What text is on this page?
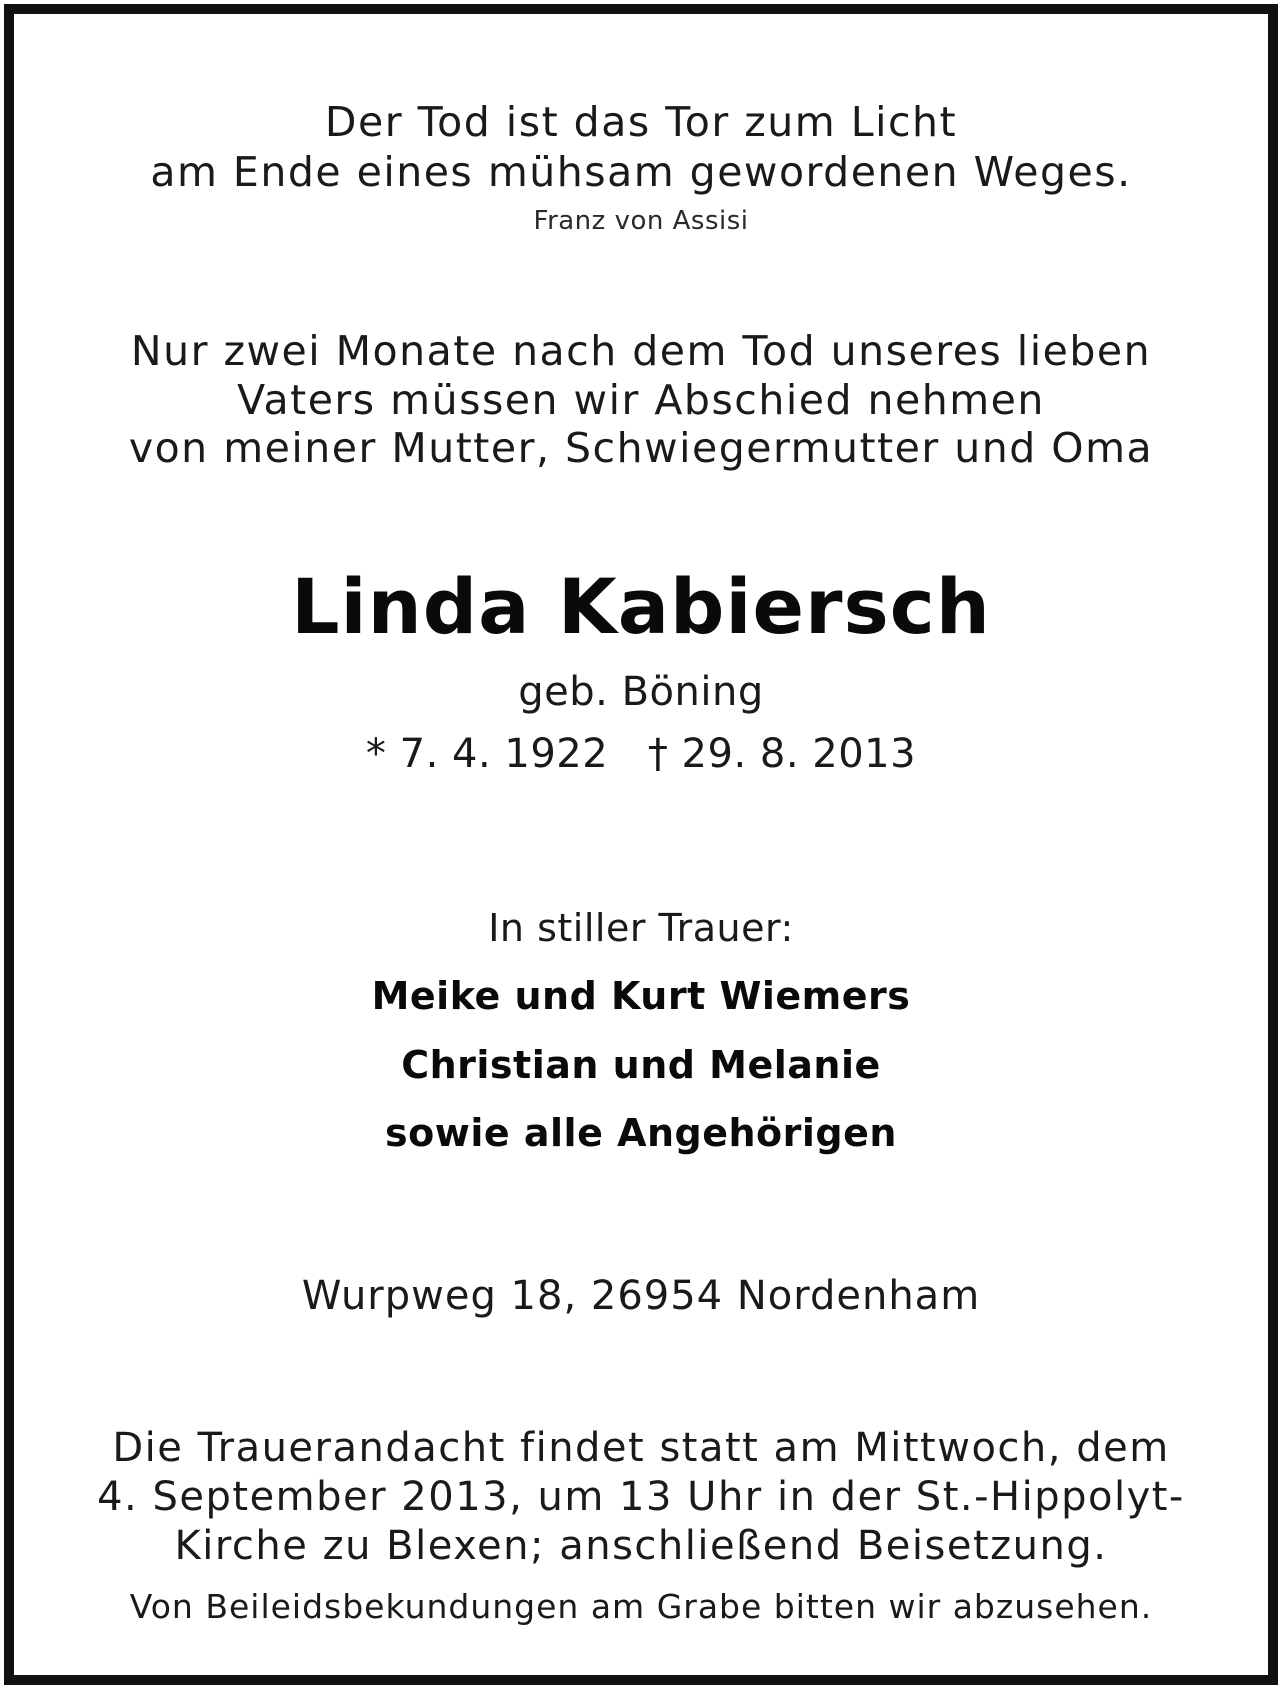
Der Tod ist das Tor zum Licht
am Ende eines mühsam gewordenen Weges.
Franz von Assisi
Nur zwei Monate nach dem Tod unseres lieben
Vaters müssen wir Abschied nehmen
von meiner Mutter, Schwiegermutter und Oma
Linda Kabiersch
geb. Böning
* 7. 4. 1922   † 29. 8. 2013
In stiller Trauer:
Meike und Kurt Wiemers
Christian und Melanie
sowie alle Angehörigen
Wurpweg 18, 26954 Nordenham
Die Trauerandacht findet statt am Mittwoch, dem
4. September 2013, um 13 Uhr in der St.-Hippolyt-
Kirche zu Blexen; anschließend Beisetzung.
Von Beileidsbekundungen am Grabe bitten wir abzusehen.
